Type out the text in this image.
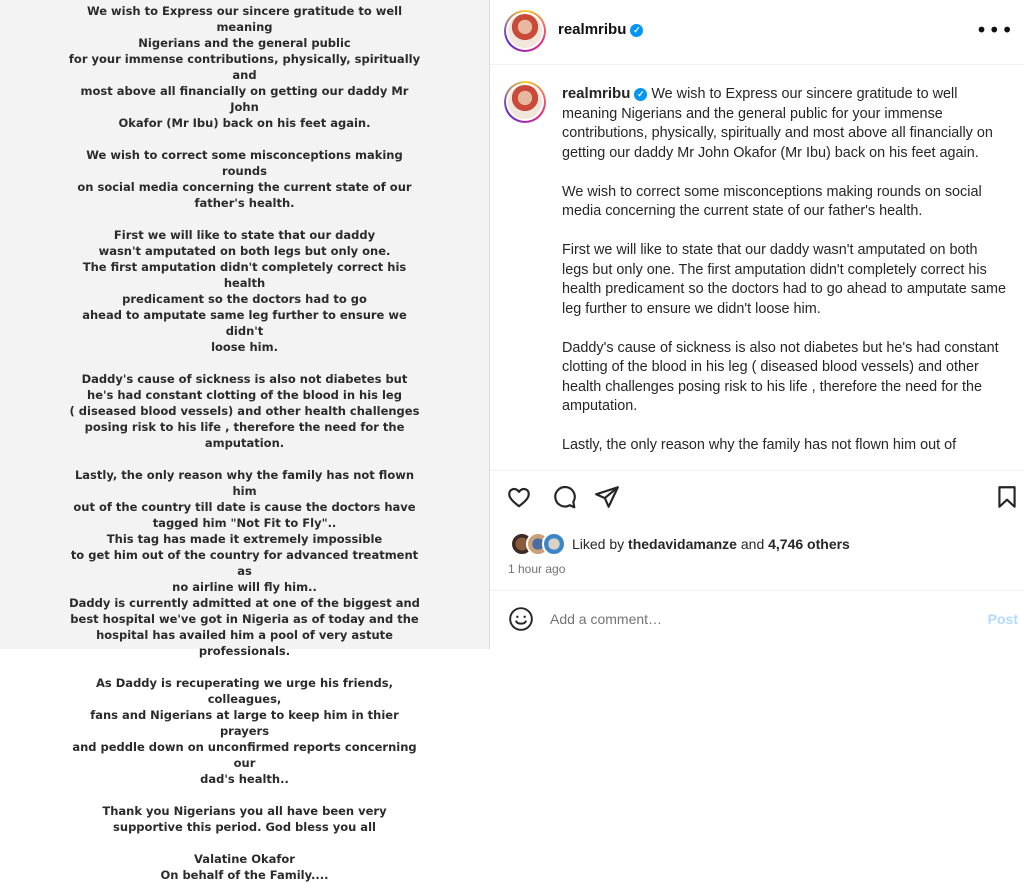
We wish to Express our sincere gratitude to well meaning
Nigerians and the general public
for your immense contributions, physically, spiritually and
most above all financially on getting our daddy Mr John
Okafor (Mr Ibu) back on his feet again.
We wish to correct some misconceptions making rounds
on social media concerning the current state of our
father's health.
First we will like to state that our daddy
wasn't amputated on both legs but only one.
The first amputation didn't completely correct his health
predicament so the doctors had to go
ahead to amputate same leg further to ensure we didn't
loose him.
Daddy's cause of sickness is also not diabetes but
he's had constant clotting of the blood in his leg
( diseased blood vessels) and other health challenges
posing risk to his life , therefore the need for the
amputation.
Lastly, the only reason why the family has not flown him
out of the country till date is cause the doctors have
tagged him "Not Fit to Fly"..
This tag has made it extremely impossible
to get him out of the country for advanced treatment as
no airline will fly him..
Daddy is currently admitted at one of the biggest and
best hospital we've got in Nigeria as of today and the
hospital has availed him a pool of very astute
professionals.
As Daddy is recuperating we urge his friends, colleagues,
fans and Nigerians at large to keep him in thier prayers
and peddle down on unconfirmed reports concerning our
dad's health..
Thank you Nigerians you all have been very
supportive this period. God bless you all
Valatine Okafor
On behalf of the Family....
realmribu ✓	•••

realmribu ✓ We wish to Express our sincere gratitude to well meaning Nigerians and the general public for your immense contributions, physically, spiritually and most above all financially on getting our daddy Mr John Okafor (Mr Ibu) back on his feet again.

We wish to correct some misconceptions making rounds on social media concerning the current state of our father's health.

First we will like to state that our daddy wasn't amputated on both legs but only one. The first amputation didn't completely correct his health predicament so the doctors had to go ahead to amputate same leg further to ensure we didn't loose him.

Daddy's cause of sickness is also not diabetes but he's had constant clotting of the blood in his leg ( diseased blood vessels) and other health challenges posing risk to his life , therefore the need for the amputation.

Lastly, the only reason why the family has not flown him out of

Liked by thedavidamanze and 4,746 others
1 hour ago
Add a comment…
Post
